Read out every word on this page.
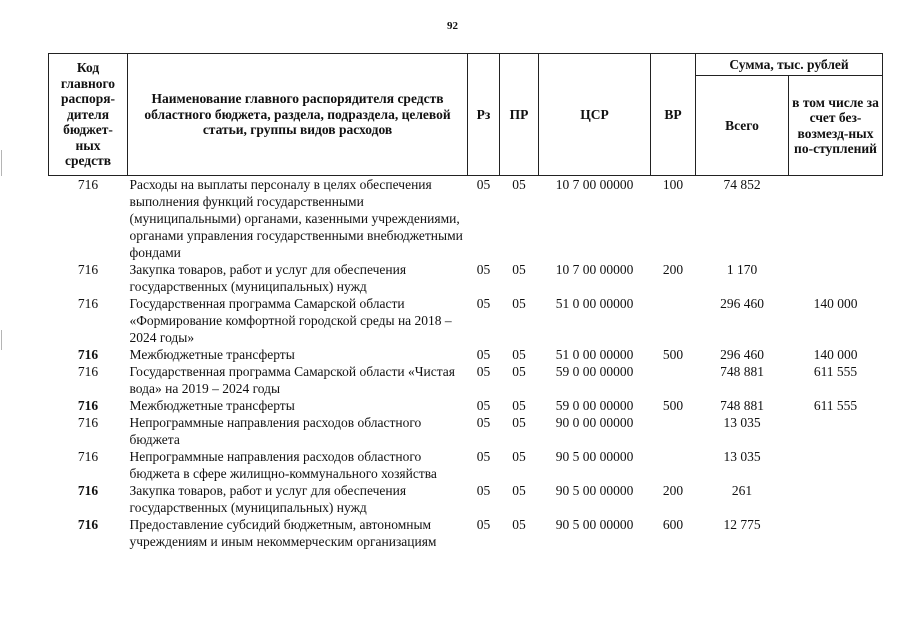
92
Код главного распоря-дителя бюджет-ных средств	Наименование главного распорядителя средств областного бюджета, раздела, подраздела, целевой статьи, группы видов расходов	Рз	ПР	ЦСР	ВР	Сумма, тыс. рублей	
						Всего	в том числе за счет без-возмезд-ных по-ступлений
716	Расходы на выплаты персоналу в целях обеспечения выполнения функций государственными (муниципальными) органами, казенными учреждениями, органами управления государственными внебюджетными фондами	05	05	10 7 00 00000	100	74 852	
716	Закупка товаров, работ и услуг для обеспечения государственных (муниципальных) нужд	05	05	10 7 00 00000	200	1 170	
716	Государственная программа Самарской области «Формирование комфортной городской среды на 2018 – 2024 годы»	05	05	51 0 00 00000		296 460	140 000
716	Межбюджетные трансферты	05	05	51 0 00 00000	500	296 460	140 000
716	Государственная программа Самарской области «Чистая вода» на 2019 – 2024 годы	05	05	59 0 00 00000		748 881	611 555
716	Межбюджетные трансферты	05	05	59 0 00 00000	500	748 881	611 555
716	Непрограммные направления расходов областного бюджета	05	05	90 0 00 00000		13 035	
716	Непрограммные направления расходов областного бюджета в сфере жилищно-коммунального хозяйства	05	05	90 5 00 00000		13 035	
716	Закупка товаров, работ и услуг для обеспечения государственных (муниципальных) нужд	05	05	90 5 00 00000	200	261	
716	Предоставление субсидий бюджетным, автономным учреждениям и иным некоммерческим организациям	05	05	90 5 00 00000	600	12 775	
